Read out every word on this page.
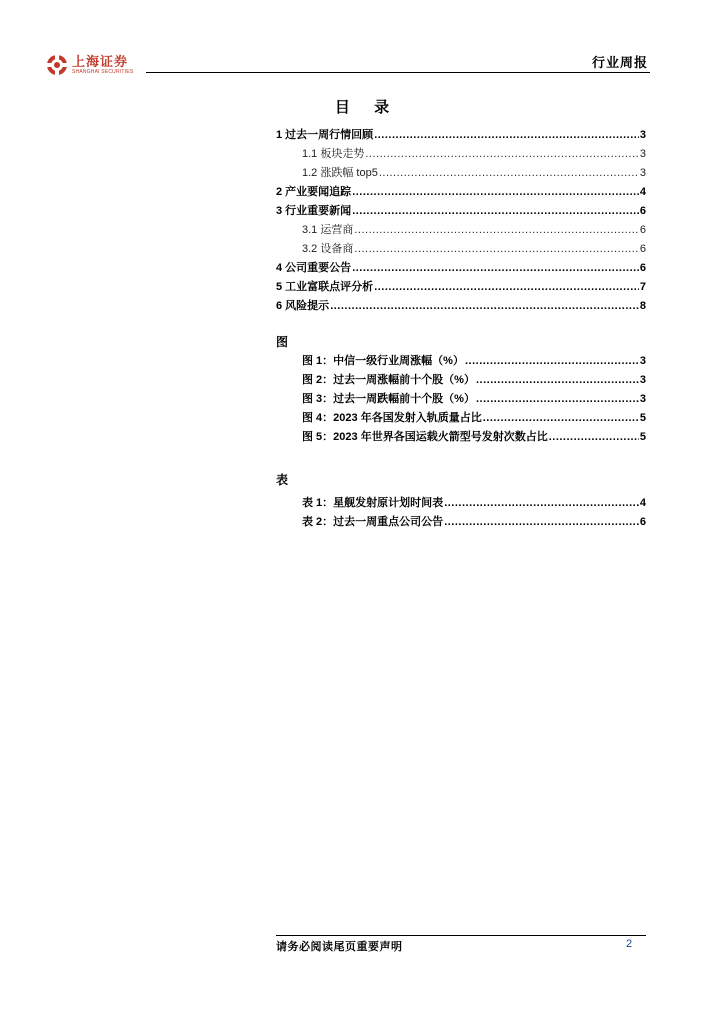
上海证券
SHANGHAI SECURITIES
行业周报
目 录
1 过去一周行情回顾 .....	3
1.1 板块走势 .....	3
1.2 涨跌幅 top5 .....	3
2 产业要闻追踪 .....	4
3 行业重要新闻 .....	6
3.1 运营商 .....	6
3.2 设备商 .....	6
4 公司重要公告 .....	6
5 工业富联点评分析 .....	7
6 风险提示 .....	8
图
图 1：中信一级行业周涨幅（%） .....	3
图 2：过去一周涨幅前十个股（%） .....	3
图 3：过去一周跌幅前十个股（%） .....	3
图 4：2023 年各国发射入轨质量占比 .....	5
图 5：2023 年世界各国运载火箭型号发射次数占比 .....	5
表
表 1：星舰发射原计划时间表 .....	4
表 2：过去一周重点公司公告 .....	6
请务必阅读尾页重要声明	2
